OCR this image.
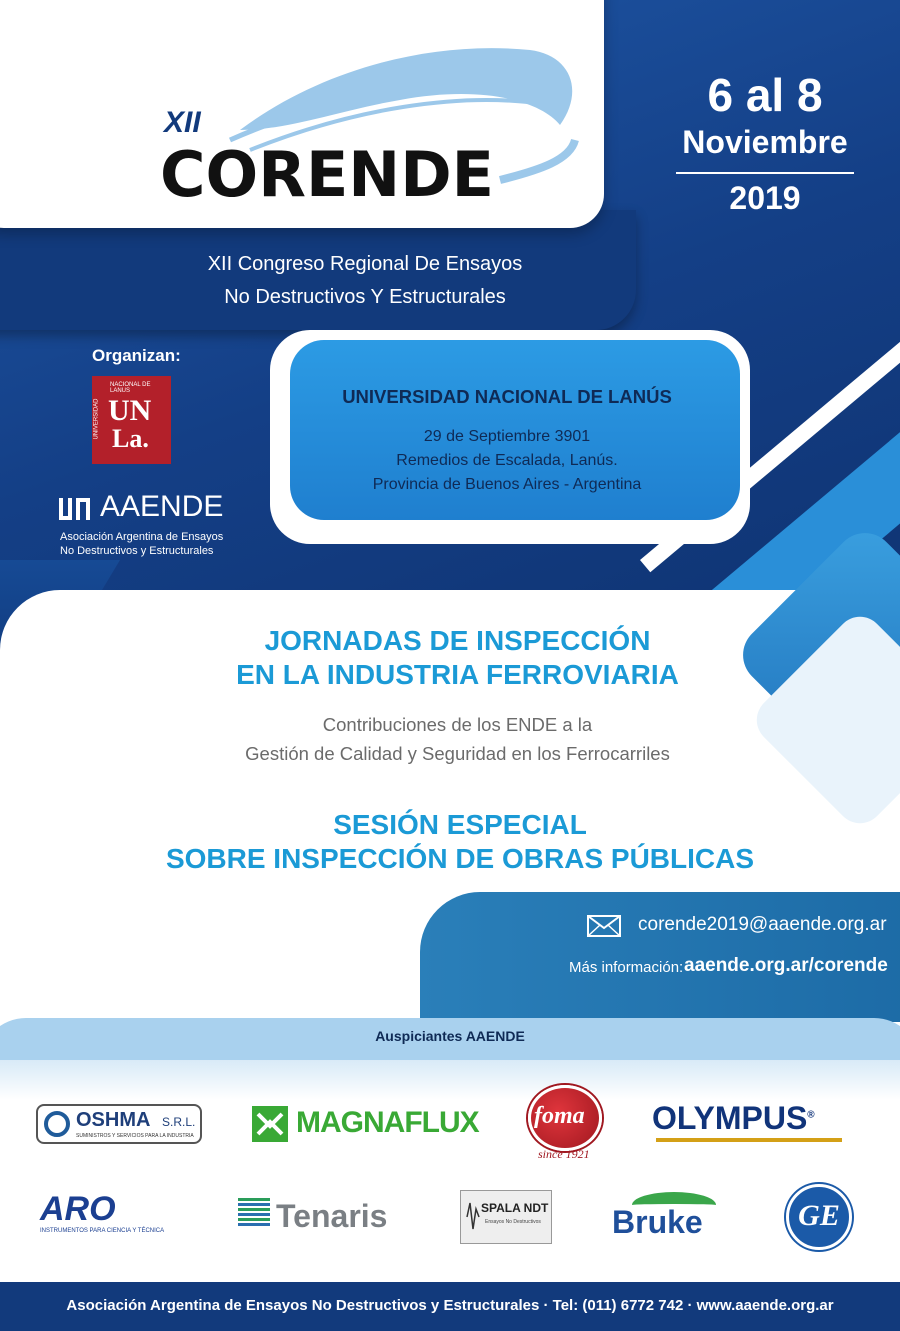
XII
CORENDE
XII Congreso Regional De Ensayos
No Destructivos Y Estructurales
6 al 8
Noviembre
2019
Organizan:
NACIONAL DE LANUS
UNIVERSIDAD UN
La.
AAENDE
Asociación Argentina de Ensayos
No Destructivos y Estructurales
UNIVERSIDAD NACIONAL DE LANÚS
29 de Septiembre 3901
Remedios de Escalada, Lanús.
Provincia de Buenos Aires - Argentina
JORNADAS DE INSPECCIÓN
EN LA INDUSTRIA FERROVIARIA
Contribuciones de los ENDE a la
Gestión de Calidad y Seguridad en los Ferrocarriles
SESIÓN ESPECIAL
SOBRE INSPECCIÓN DE OBRAS PÚBLICAS
corende2019@aaende.org.ar
Más información: aaende.org.ar/corende
Auspiciantes AAENDE
OSHMA S.R.L.
SUMINISTROS Y SERVICIOS PARA LA INDUSTRIA	MAGNAFLUX foma
since 1921
OLYMPUS®
ARO
INSTRUMENTOS PARA CIENCIA Y TÉCNICA	Tenaris	SPALA NDT
Ensayos No Destructivos Bruke	GE
Asociación Argentina de Ensayos No Destructivos y Estructurales · Tel: (011) 6772 742 · www.aaende.org.ar
